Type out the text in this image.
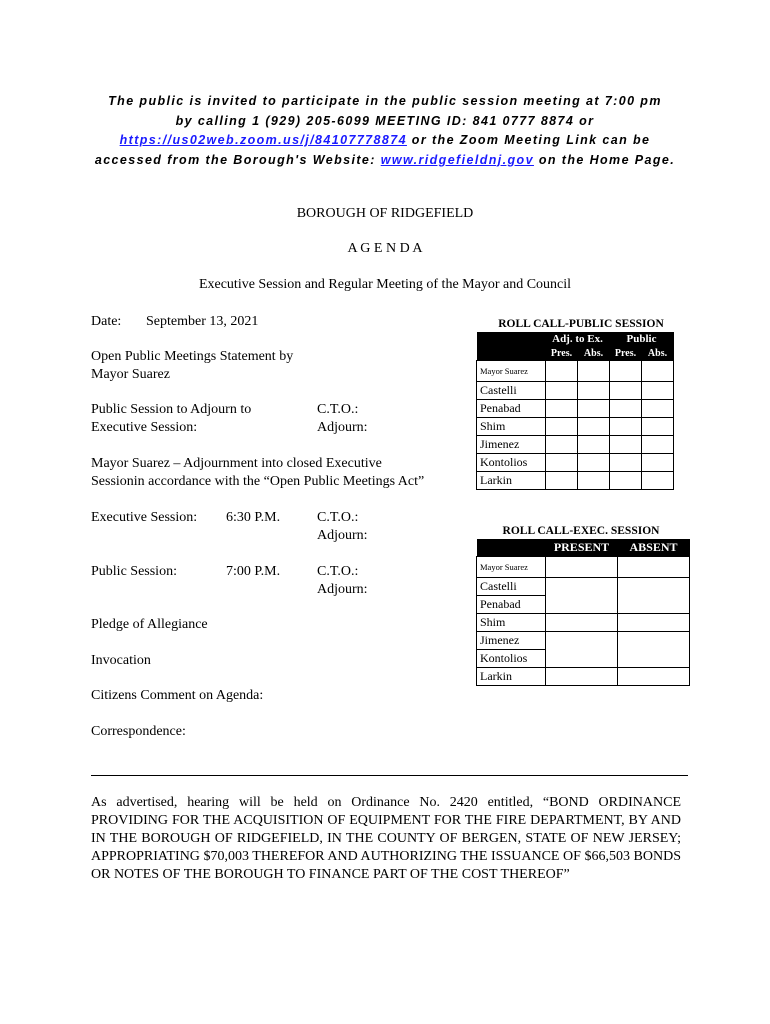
The public is invited to participate in the public session meeting at 7:00 pm
by calling 1 (929) 205-6099 MEETING ID: 841 0777 8874 or
https://us02web.zoom.us/j/84107778874 or the Zoom Meeting Link can be
accessed from the Borough's Website: www.ridgefieldnj.gov on the Home Page.
BOROUGH OF RIDGEFIELD
A G E N D A
Executive Session and Regular Meeting of the Mayor and Council
Date: September 13, 2021
Open Public Meetings Statement by
Mayor Suarez
Public Session to Adjourn to
Executive Session:
C.T.O.:
Adjourn:
Mayor Suarez – Adjournment into closed Executive
Sessionin accordance with the “Open Public Meetings Act”
Executive Session: 6:30 P.M.	C.T.O.:
Adjourn:
Public Session:	7:00 P.M.	C.T.O.:
Adjourn:
Pledge of Allegiance
Invocation
Citizens Comment on Agenda:
Correspondence:
ROLL CALL-PUBLIC SESSION
	Adj. to Ex.		Public	
	Pres.	Abs.	Pres.	Abs.
Mayor Suarez				
Castelli				
Penabad				
Shim				
Jimenez				
Kontolios				
Larkin				
ROLL CALL-EXEC. SESSION
	PRESENT	ABSENT
Mayor Suarez		
Castelli		
Penabad		
Shim		
Jimenez		
Kontolios		
Larkin		
As advertised, hearing will be held on Ordinance No. 2420 entitled, “BOND ORDINANCE PROVIDING FOR THE ACQUISITION OF EQUIPMENT FOR THE FIRE DEPARTMENT, BY AND IN THE BOROUGH OF RIDGEFIELD, IN THE COUNTY OF BERGEN, STATE OF NEW JERSEY; APPROPRIATING $70,003 THEREFOR AND AUTHORIZING THE ISSUANCE OF $66,503 BONDS OR NOTES OF THE BOROUGH TO FINANCE PART OF THE COST THEREOF”
